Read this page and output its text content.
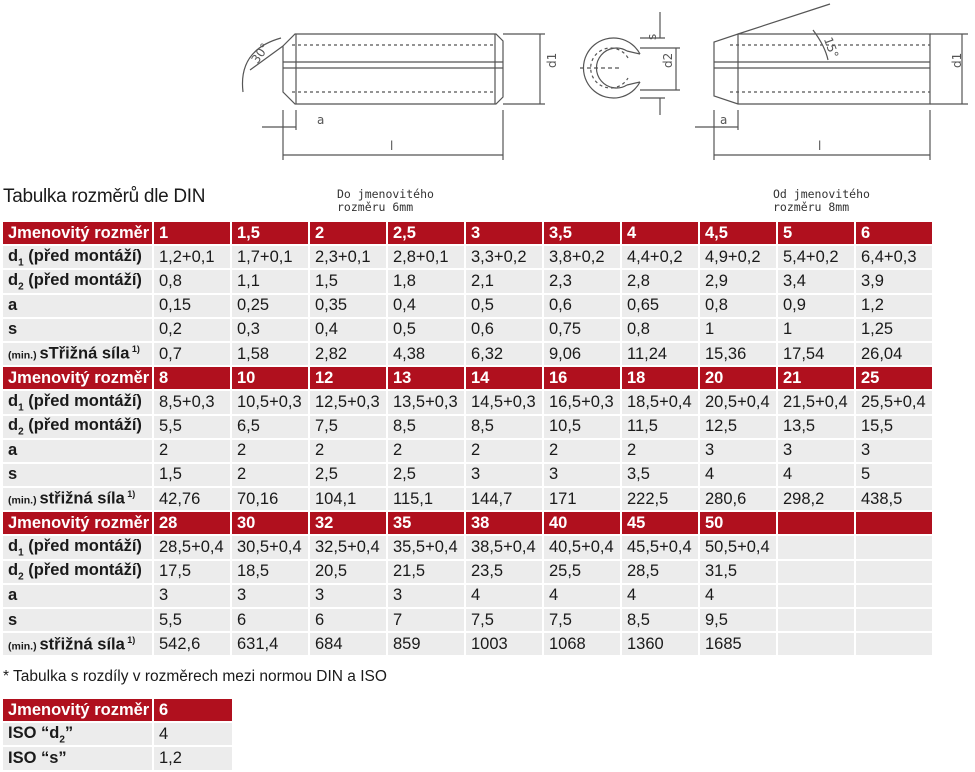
30°	15°
a
l
d1
s
d2
a
l
d1
Tabulka rozměrů dle DIN	Do jmenovitého
rozměru 6mm
Od jmenovitého
rozměru 8mm
Jmenovitý rozměr	1	1,5	2	2,5	3	3,5	4	4,5	5	6
$d_1$ (před montáží)	1,2+0,1	1,7+0,1	2,3+0,1	2,8+0,1	3,3+0,2	3,8+0,2	4,4+0,2	4,9+0,2	5,4+0,2	6,4+0,3
$d_2$ (před montáží)	0,8	1,1	1,5	1,8	2,1	2,3	2,8	2,9	3,4	3,9
a	0,15	0,25	0,35	0,4	0,5	0,6	0,65	0,8	0,9	1,2
s	0,2	0,3	0,4	0,5	0,6	0,75	0,8	1	1	1,25
(min.) sTřižná síla $^{1)}$	0,7	1,58	2,82	4,38	6,32	9,06	11,24	15,36	17,54	26,04
Jmenovitý rozměr	8	10	12	13	14	16	18	20	21	25
$d_1$ (před montáží)	8,5+0,3	10,5+0,3	12,5+0,3	13,5+0,3	14,5+0,3	16,5+0,3	18,5+0,4	20,5+0,4	21,5+0,4	25,5+0,4
$d_2$ (před montáží)	5,5	6,5	7,5	8,5	8,5	10,5	11,5	12,5	13,5	15,5
a	2	2	2	2	2	2	2	3	3	3
s	1,5	2	2,5	2,5	3	3	3,5	4	4	5
(min.) střižná síla $^{1)}$	42,76	70,16	104,1	115,1	144,7	171	222,5	280,6	298,2	438,5
Jmenovitý rozměr	28	30	32	35	38	40	45	50		
$d_1$ (před montáží)	28,5+0,4	30,5+0,4	32,5+0,4	35,5+0,4	38,5+0,4	40,5+0,4	45,5+0,4	50,5+0,4		
$d_2$ (před montáží)	17,5	18,5	20,5	21,5	23,5	25,5	28,5	31,5		
a	3	3	3	3	4	4	4	4		
s	5,5	6	6	7	7,5	7,5	8,5	9,5		
(min.) střižná síla $^{1)}$	542,6	631,4	684	859	1003	1068	1360	1685		
* Tabulka s rozdíly v rozměrech mezi normou DIN a ISO
Jmenovitý rozměr	6
ISO “$d_2$”	4
ISO “s”	1,2
